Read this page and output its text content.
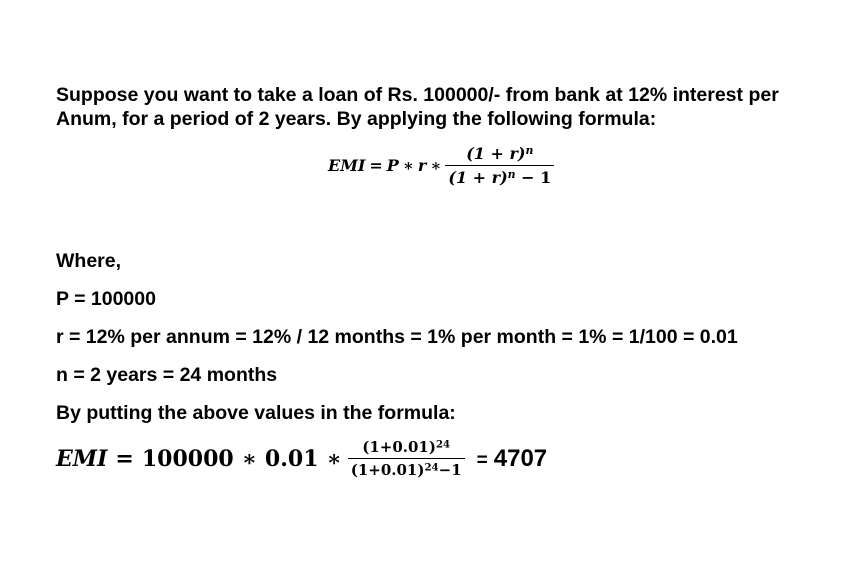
Suppose you want to take a loan of Rs. 100000/- from bank at 12% interest per
Anum, for a period of 2 years. By applying the following formula:
EMI = P ∗ r ∗ $\frac{(1 + r)^n}{(1 + r)^n - 1}$
Where,
P = 100000
r = 12% per annum = 12% / 12 months = 1% per month = 1% = 1/100 = 0.01
n = 2 years = 24 months
By putting the above values in the formula:
EMI = 100000 ∗ 0.01 ∗ $\frac{(1+0.01)^{24}}{(1+0.01)^{24}-1} = 4707$
